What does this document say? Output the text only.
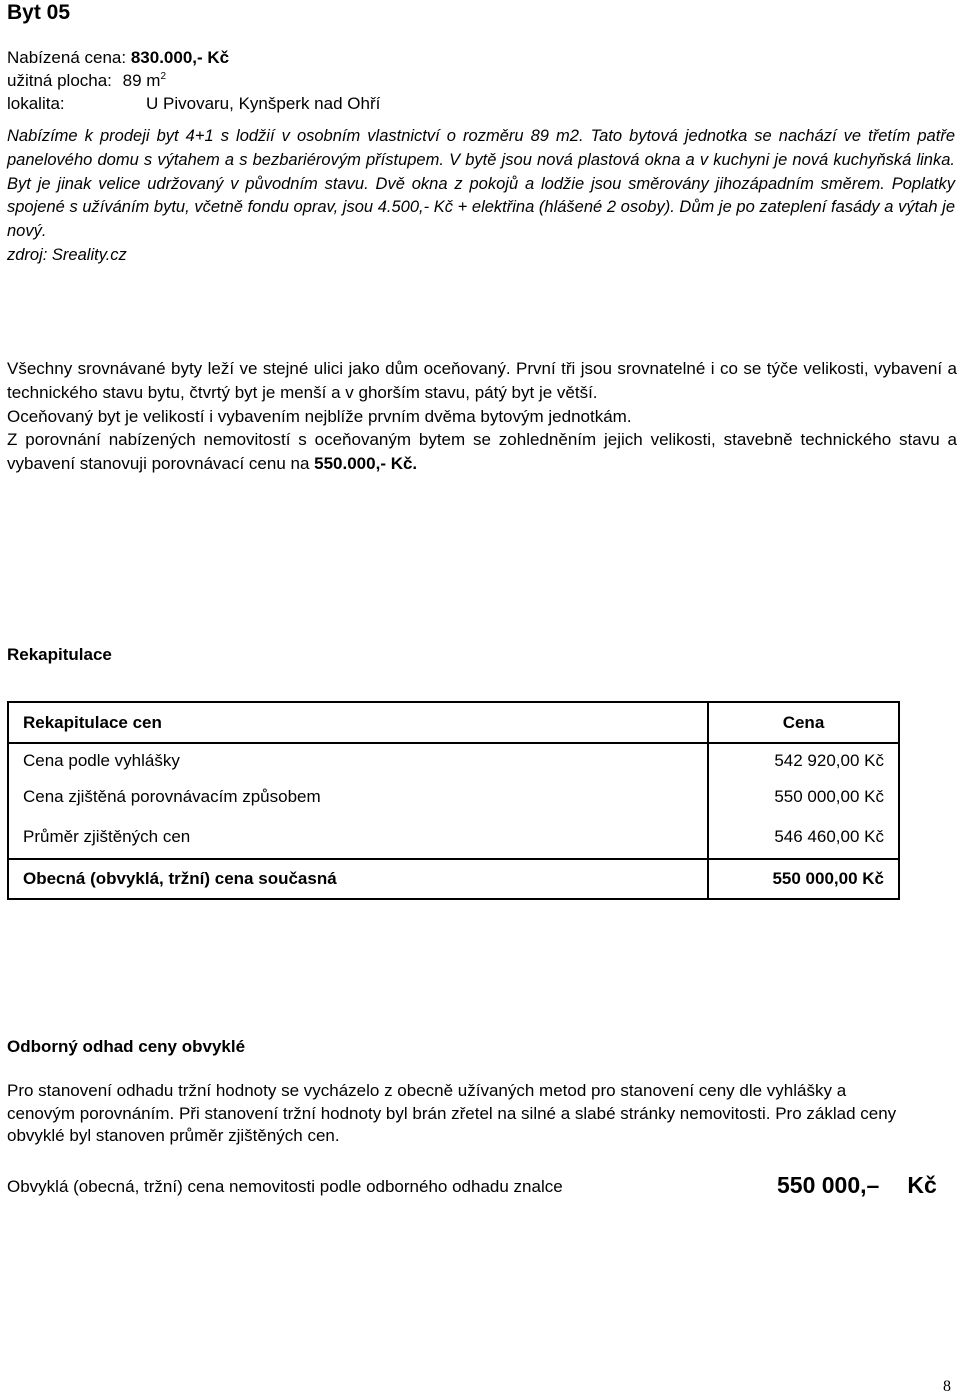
Byt 05
Nabízená cena: 830.000,- Kč
užitná plocha: 89 $m^2$
lokalita:	U Pivovaru, Kynšperk nad Ohří

Nabízíme k prodeji byt 4+1 s lodžií v osobním vlastnictví o rozměru 89 m2. Tato bytová jednotka se nachází ve třetím patře panelového domu s výtahem a s bezbariérovým přístupem. V bytě jsou nová plastová okna a v kuchyni je nová kuchyňská linka. Byt je jinak velice udržovaný v původním stavu. Dvě okna z pokojů a lodžie jsou směrovány jihozápadním směrem. Poplatky spojené s užíváním bytu, včetně fondu oprav, jsou 4.500,- Kč + elektřina (hlášené 2 osoby). Dům je po zateplení fasády a výtah je nový.

zdroj: Sreality.cz

Všechny srovnávané byty leží ve stejné ulici jako dům oceňovaný. První tři jsou srovnatelné i co se týče velikosti, vybavení a technického stavu bytu, čtvrtý byt je menší a v ghorším stavu, pátý byt je větší.

Oceňovaný byt je velikostí i vybavením nejblíže prvním dvěma bytovým jednotkám.

Z porovnání nabízených nemovitostí s oceňovaným bytem se zohledněním jejich velikosti, stavebně technického stavu a vybavení stanovuji porovnávací cenu na 550.000,- Kč.

Rekapitulace
Rekapitulace cen	Cena
Cena podle vyhlášky	542 920,00 Kč
Cena zjištěná porovnávacím způsobem	550 000,00 Kč
Průměr zjištěných cen	546 460,00 Kč
Obecná (obvyklá, tržní) cena současná	550 000,00 Kč
Odborný odhad ceny obvyklé

Pro stanovení odhadu tržní hodnoty se vycházelo z obecně užívaných metod pro stanovení ceny dle vyhlášky a cenovým porovnáním. Při stanovení tržní hodnoty byl brán zřetel na silné a slabé stránky nemovitosti. Pro základ ceny obvyklé byl stanoven průměr zjištěných cen.

Obvyklá (obecná, tržní) cena nemovitosti podle odborného odhadu znalce	550 000,– Kč
8
